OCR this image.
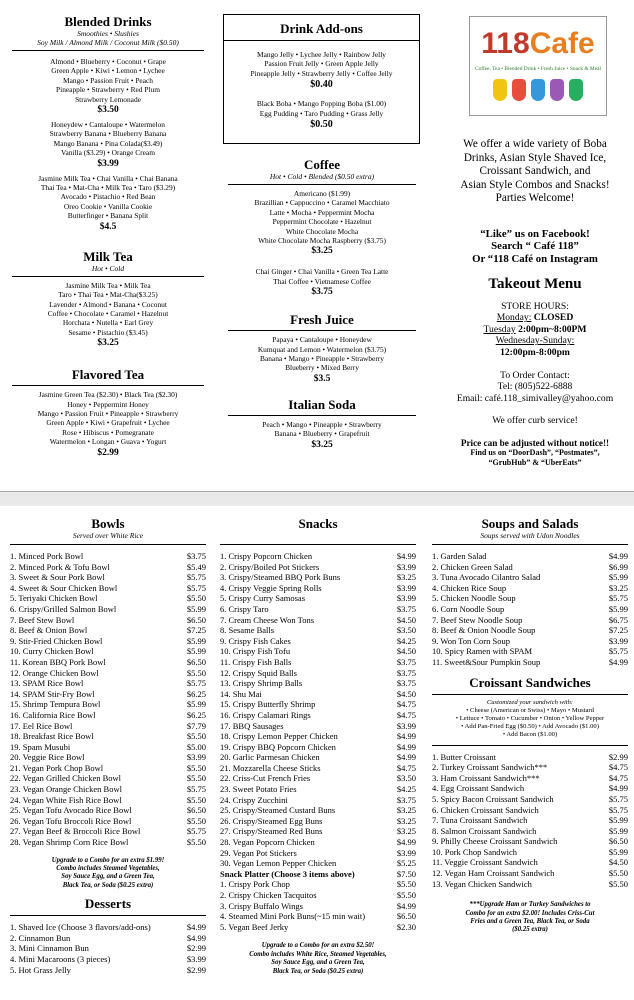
Blended Drinks
Smoothies • Slushies
Soy Milk / Almond Milk / Coconut Milk ($0.50)
Almond • Blueberry • Coconut • Grape
Green Apple • Kiwi • Lemon • Lychee
Mango • Passion Fruit • Peach
Pineapple • Strawberry • Red Plum
Strawberry Lemonade
$3.50
Honeydew • Cantaloupe • Watermelon
Strawberry Banana • Blueberry Banana
Mango Banana • Pina Colada($3.49)
Vanilla ($3.29) • Orange Cream
$3.99
Jasmine Milk Tea • Chai Vanilla • Chai Banana
Thai Tea • Mat-Cha • Milk Tea • Taro ($3.29)
Avocado • Pistachio • Red Bean
Oreo Cookie • Vanilla Cookie
Butterfinger • Banana Split
$4.5
Milk Tea
Hot • Cold
Jasmine Milk Tea • Milk Tea
Taro • Thai Tea • Mat-Cha($3.25)
Lavender • Almond • Banana • Coconut
Coffee • Chocolate • Caramel • Hazelnut
Horchata • Nutella • Earl Grey
Sesame • Pistachio ($3.45)
$3.25
Flavored Tea
Jasmine Green Tea ($2.30) • Black Tea ($2.30)
Honey • Peppermint Honey
Mango • Passion Fruit • Pineapple • Strawberry
Green Apple • Kiwi • Grapefruit • Lychee
Rose • Hibiscus • Pomegranate
Watermelon • Longan • Guava • Yogurt
$2.99
Drink Add-ons
Mango Jelly • Lychee Jelly • Rainbow Jelly
Passion Fruit Jelly • Green Apple Jelly
Pineapple Jelly • Strawberry Jelly • Coffee Jelly
$0.40
Black Boba • Mango Popping Boba ($1.00)
Egg Pudding • Taro Pudding • Grass Jelly
$0.50
Coffee
Hot • Cold • Blended ($0.50 extra)
Americano ($1.99)
Brazillian • Cappuccino • Caramel Macchiato
Latte • Mocha • Peppermint Mocha
Peppermint Chocolate • Hazelnut
White Chocolate Mocha
White Chocolate Mocha Raspberry ($3.75)
$3.25
Chai Ginger • Chai Vanilla • Green Tea Latte
Thai Coffee • Vietnamese Coffee
$3.75
Fresh Juice
Papaya • Cantaloupe • Honeydew
Kumquat and Lemon • Watermelon ($3.75)
Banana • Mango • Pineapple • Strawberry
Blueberry • Mixed Berry
$3.5
Italian Soda
Peach • Mango • Pineapple • Strawberry
Banana • Blueberry • Grapefruit
$3.25
118Cafe
Coffee, Tea • Blended Drink • Fresh Juice • Snack & Meal
We offer a wide variety of Boba
Drinks, Asian Style Shaved Ice,
Croissant Sandwich, and
Asian Style Combos and Snacks!
Parties Welcome!
“Like” us on Facebook!
Search “ Café 118”
Or “118 Café on Instagram
Takeout Menu
STORE HOURS:
Monday: CLOSED
Tuesday 2:00pm~8:00PM
Wednesday-Sunday:
12:00pm-8:00pm
To Order Contact:
Tel: (805)522-6888
Email: café.118_simivalley@yahoo.com
We offer curb service!
Price can be adjusted without notice!!
Find us on “DoorDash”, “Postmates”,
“GrubHub” & “UberEats”
Bowls
Served over White Rice
1. Minced Pork Bowl	$3.75
2. Minced Pork & Tofu Bowl	$5.49
3. Sweet & Sour Pork Bowl	$5.75
4. Sweet & Sour Chicken Bowl	$5.75
5. Teriyaki Chicken Bowl	$5.50
6. Crispy/Grilled Salmon Bowl	$5.99
7. Beef Stew Bowl	$6.50
8. Beef & Onion Bowl	$7.25
9. Stir-Fried Chicken Bowl	$5.99
10. Curry Chicken Bowl	$5.99
11. Korean BBQ Pork Bowl	$6.50
12. Orange Chicken Bowl	$5.50
13. SPAM Rice Bowl	$5.75
14. SPAM Stir-Fry Bowl	$6.25
15. Shrimp Tempura Bowl	$5.99
16. California Rice Bowl	$6.25
17. Eel Rice Bowl	$7.79
18. Breakfast Rice Bowl	$5.50
19. Spam Musubi	$5.00
20. Veggie Rice Bowl	$3.99
21. Vegan Pork Chop Bowl	$5.50
22. Vegan Grilled Chicken Bowl	$5.50
23. Vegan Orange Chicken Bowl	$5.75
24. Vegan White Fish Rice Bowl	$5.50
25. Vegan Tofu Avocado Rice Bowl	$6.50
26. Vegan Tofu Broccoli Rice Bowl	$5.50
27. Vegan Beef & Broccoli Rice Bowl	$5.75
28. Vegan Shrimp Corn Rice Bowl	$5.50
Upgrade to a Combo for an extra $1.99!
Combo includes Steamed Vegetables,
Soy Sauce Egg, and a Green Tea,
Black Tea, or Soda ($0.25 extra)
Desserts
1. Shaved Ice (Choose 3 flavors/add-ons)	$4.99
2. Cinnamon Bun	$4.99
3. Mini Cinnamon Bun	$2.99
4. Mini Macaroons (3 pieces)	$3.99
5. Hot Grass Jelly	$2.99
Snacks
1. Crispy Popcorn Chicken	$4.99
2. Crispy/Boiled Pot Stickers	$3.99
3. Crispy/Steamed BBQ Pork Buns	$3.25
4. Crispy Veggie Spring Rolls	$3.99
5. Crispy Curry Samosas	$3.99
6. Crispy Taro	$3.75
7. Cream Cheese Won Tons	$4.50
8. Sesame Balls	$3.50
9. Crispy Fish Cakes	$4.25
10. Crispy Fish Tofu	$4.50
11. Crispy Fish Balls	$3.75
12. Crispy Squid Balls	$3.75
13. Crispy Shrimp Balls	$3.75
14. Shu Mai	$4.50
15. Crispy Butterfly Shrimp	$4.75
16. Crispy Calamari Rings	$4.75
17. BBQ Sausages	$3.99
18. Crispy Lemon Pepper Chicken	$4.99
19. Crispy BBQ Popcorn Chicken	$4.99
20. Garlic Parmesan Chicken	$4.99
21. Mozzarella Cheese Sticks	$4.75
22. Criss-Cut French Fries	$3.50
23. Sweet Potato Fries	$4.25
24. Crispy Zucchini	$3.75
25. Crispy/Steamed Custard Buns	$3.25
26. Crispy/Steamed Egg Buns	$3.25
27. Crispy/Steamed Red Buns	$3.25
28. Vegan Popcorn Chicken	$4.99
29. Vegan Pot Stickers	$3.99
30. Vegan Lemon Pepper Chicken	$5.25
Snack Platter (Choose 3 items above)	$7.50
1. Crispy Pork Chop	$5.50
2. Crispy Chicken Tacquitos	$5.50
3. Crispy Buffalo Wings	$4.99
4. Steamed Mini Pork Buns(~15 min wait)	$6.50
5. Vegan Beef Jerky	$2.30
Upgrade to a Combo for an extra $2.50!
Combo includes White Rice, Steamed Vegetables,
Soy Sauce Egg, and a Green Tea,
Black Tea, or Soda ($0.25 extra)
Soups and Salads
Soups served with Udon Noodles
1. Garden Salad	$4.99
2. Chicken Green Salad	$6.99
3. Tuna Avocado Cilantro Salad	$5.99
4. Chicken Rice Soup	$3.25
5. Chicken Noodle Soup	$5.75
6. Corn Noodle Soup	$5.99
7. Beef Stew Noodle Soup	$6.75
8. Beef & Onion Noodle Soup	$7.25
9. Won Ton Corn Soup	$3.99
10. Spicy Ramen with SPAM	$5.75
11. Sweet&Sour Pumpkin Soup	$4.99
Croissant Sandwiches
Customized your sandwich with:
• Cheese (American or Swiss) • Mayo • Mustard
• Lettuce • Tomato • Cucumber • Onion • Yellow Pepper
• Add Pan-Fried Egg ($0.50) • Add Avocado ($1.00)
• Add Bacon ($1.00)
1. Butter Croissant	$2.99
2. Turkey Croissant Sandwich***	$4.75
3. Ham Croissant Sandwich***	$4.75
4. Egg Croissant Sandwich	$4.99
5. Spicy Bacon Croissant Sandwich	$5.75
6. Chicken Croissant Sandwich	$5.75
7. Tuna Croissant Sandwich	$5.99
8. Salmon Croissant Sandwich	$5.99
9. Philly Cheese Croissant Sandwich	$6.50
10. Pork Chop Sandwich	$5.99
11. Veggie Croissant Sandwich	$4.50
12. Vegan Ham Croissant Sandwich	$5.50
13. Vegan Chicken Sandwich	$5.50
***Upgrade Ham or Turkey Sandwiches to
Combo for an extra $2.00! Includes Criss-Cut
Fries and a Green Tea, Black Tea, or Soda
($0.25 extra)
